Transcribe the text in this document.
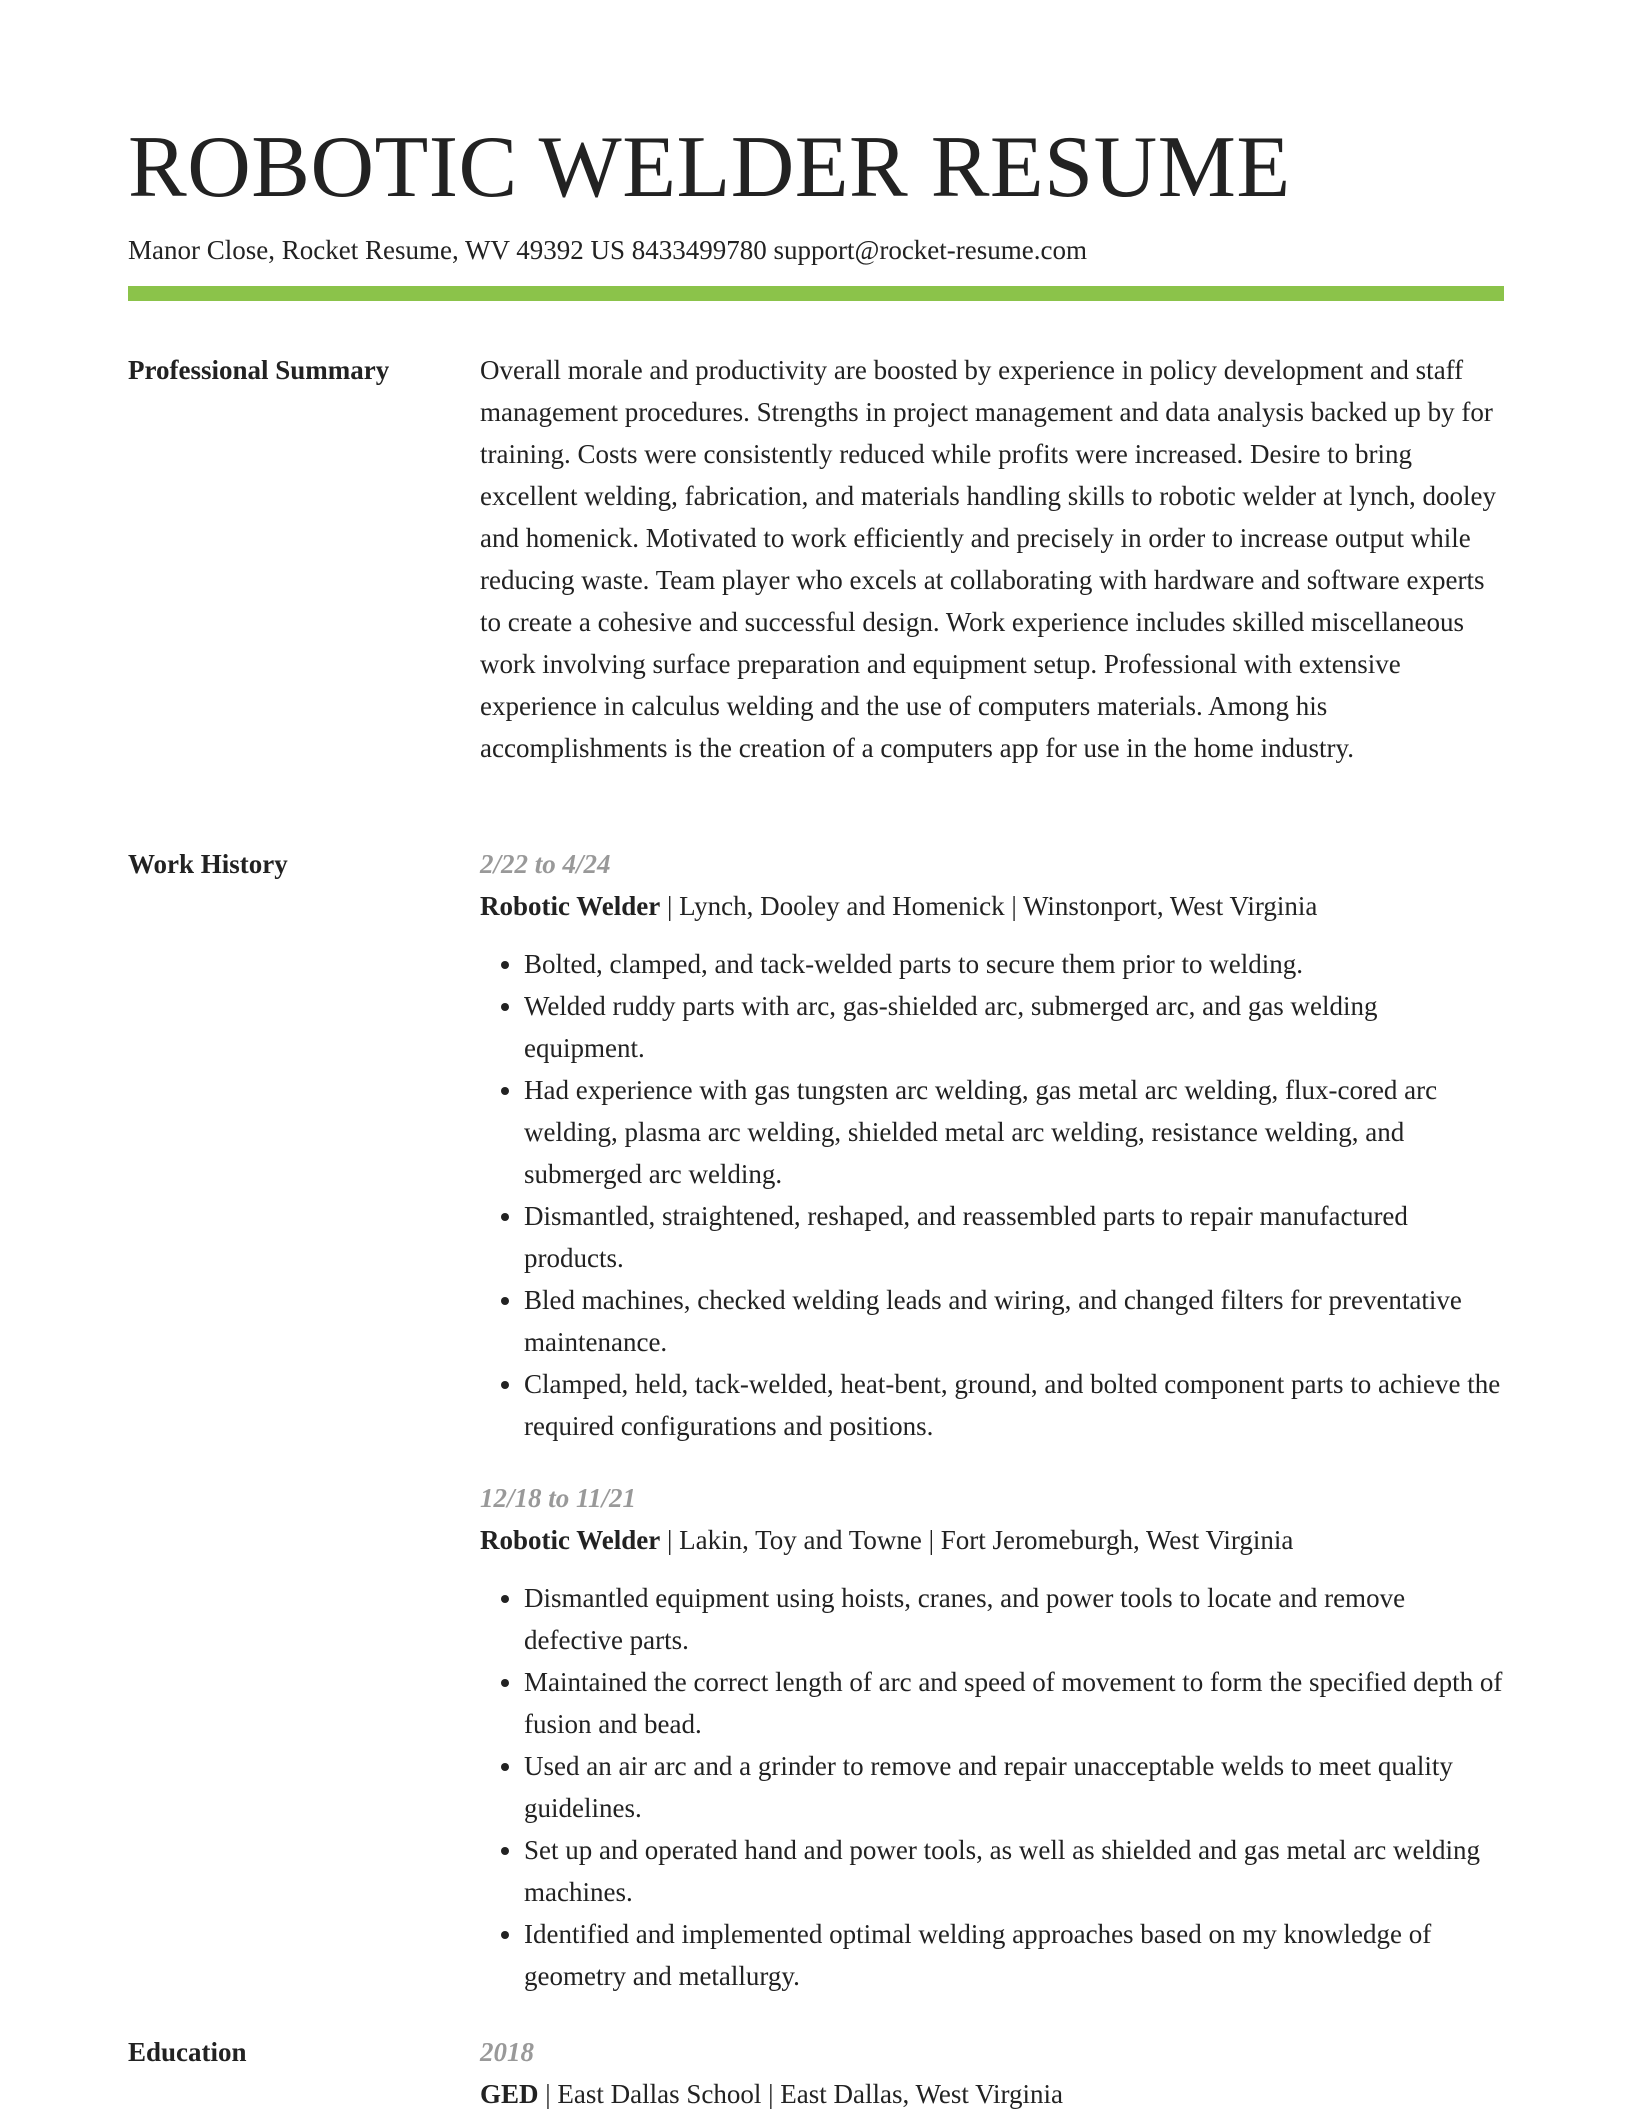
ROBOTIC WELDER RESUME
Manor Close, Rocket Resume, WV 49392 US 8433499780 support@rocket-resume.com
Professional Summary	Overall morale and productivity are boosted by experience in policy development and staff management procedures. Strengths in project management and data analysis backed up by for training. Costs were consistently reduced while profits were increased. Desire to bring excellent welding, fabrication, and materials handling skills to robotic welder at lynch, dooley and homenick. Motivated to work efficiently and precisely in order to increase output while reducing waste. Team player who excels at collaborating with hardware and software experts to create a cohesive and successful design. Work experience includes skilled miscellaneous work involving surface preparation and equipment setup. Professional with extensive experience in calculus welding and the use of computers materials. Among his accomplishments is the creation of a computers app for use in the home industry.

Work History	2/22 to 4/24
Robotic Welder | Lynch, Dooley and Homenick | Winstonport, West Virginia
• Bolted, clamped, and tack-welded parts to secure them prior to welding.
• Welded ruddy parts with arc, gas-shielded arc, submerged arc, and gas welding equipment.
• Had experience with gas tungsten arc welding, gas metal arc welding, flux-cored arc welding, plasma arc welding, shielded metal arc welding, resistance welding, and submerged arc welding.
• Dismantled, straightened, reshaped, and reassembled parts to repair manufactured products.
• Bled machines, checked welding leads and wiring, and changed filters for preventative maintenance.
• Clamped, held, tack-welded, heat-bent, ground, and bolted component parts to achieve the required configurations and positions.
12/18 to 11/21
Robotic Welder | Lakin, Toy and Towne | Fort Jeromeburgh, West Virginia
• Dismantled equipment using hoists, cranes, and power tools to locate and remove defective parts.
• Maintained the correct length of arc and speed of movement to form the specified depth of fusion and bead.
• Used an air arc and a grinder to remove and repair unacceptable welds to meet quality guidelines.
• Set up and operated hand and power tools, as well as shielded and gas metal arc welding machines.
• Identified and implemented optimal welding approaches based on my knowledge of geometry and metallurgy.
Education	2018
GED | East Dallas School | East Dallas, West Virginia
